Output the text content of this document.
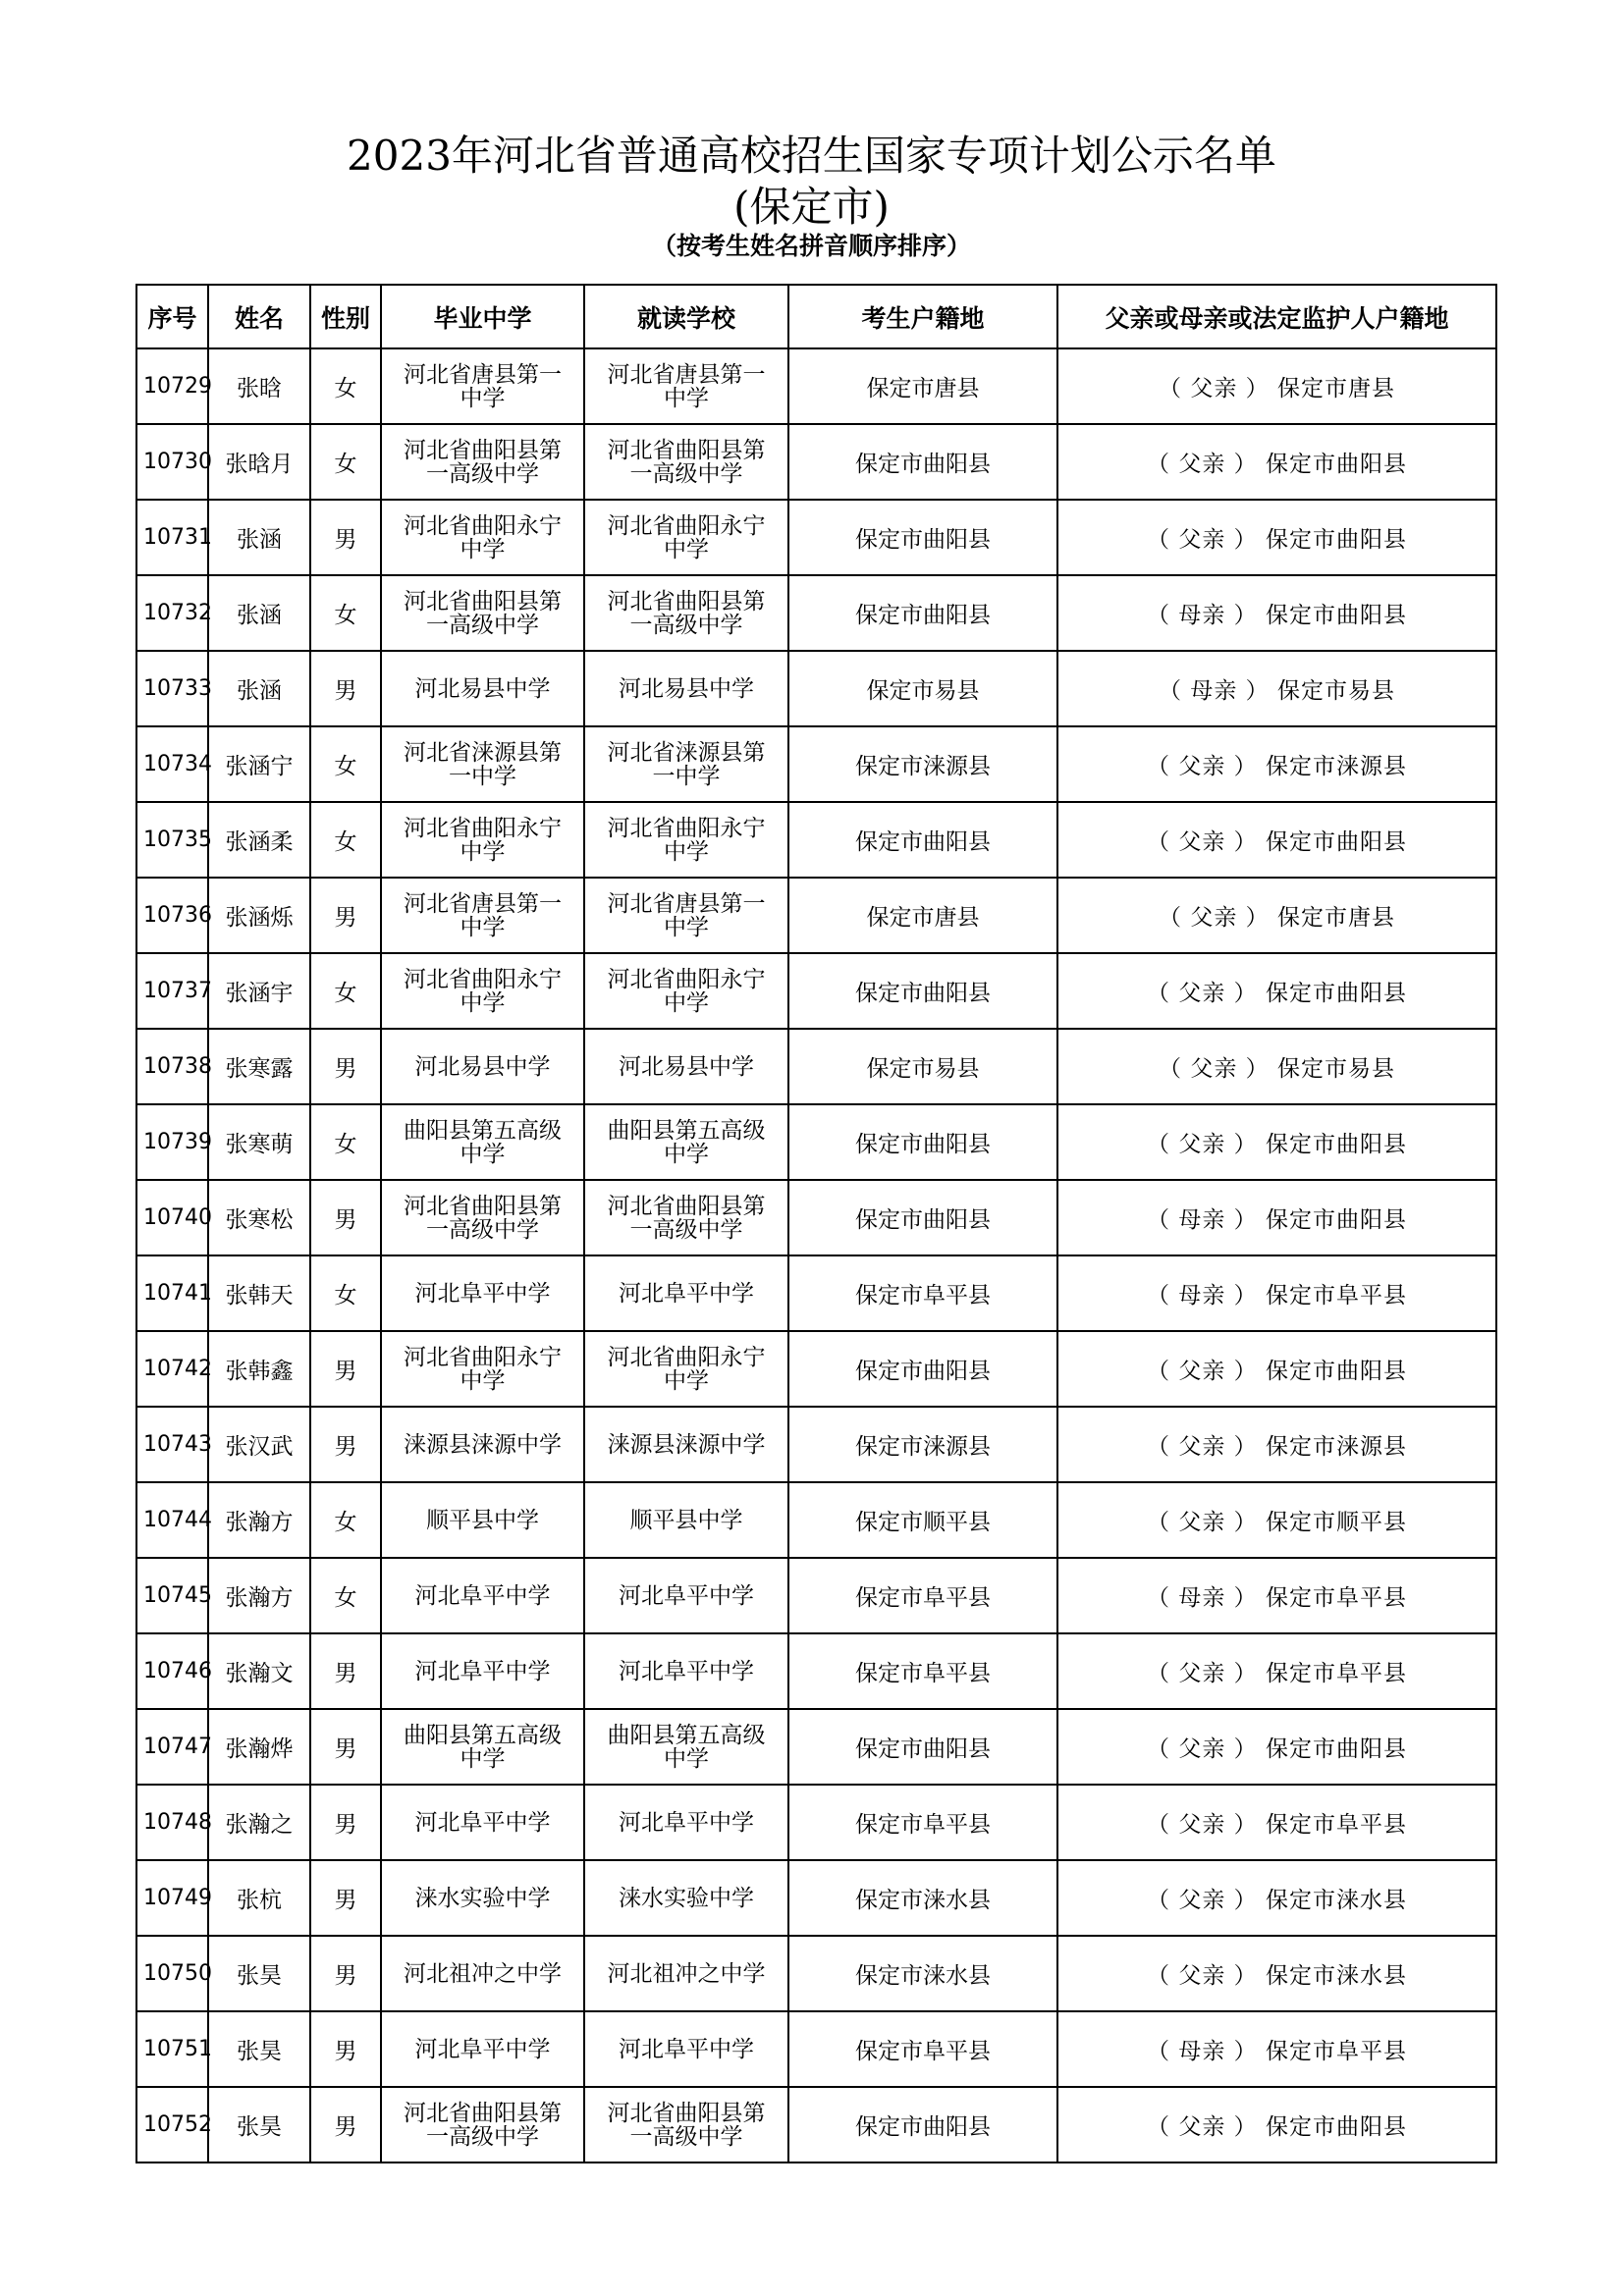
2023年河北省普通高校招生国家专项计划公示名单
(保定市)
（按考生姓名拼音顺序排序）
序号	姓名	性别	毕业中学	就读学校	考生户籍地	父亲或母亲或法定监护人户籍地
10729	张晗	女	河北省唐县第一
中学	河北省唐县第一
中学	保定市唐县	（ 父亲 ） 保定市唐县
10730	张晗月	女	河北省曲阳县第
一高级中学	河北省曲阳县第
一高级中学	保定市曲阳县	（ 父亲 ） 保定市曲阳县
10731	张涵	男	河北省曲阳永宁
中学	河北省曲阳永宁
中学	保定市曲阳县	（ 父亲 ） 保定市曲阳县
10732	张涵	女	河北省曲阳县第
一高级中学	河北省曲阳县第
一高级中学	保定市曲阳县	（ 母亲 ） 保定市曲阳县
10733	张涵	男	河北易县中学	河北易县中学	保定市易县	（ 母亲 ） 保定市易县
10734	张涵宁	女	河北省涞源县第
一中学	河北省涞源县第
一中学	保定市涞源县	（ 父亲 ） 保定市涞源县
10735	张涵柔	女	河北省曲阳永宁
中学	河北省曲阳永宁
中学	保定市曲阳县	（ 父亲 ） 保定市曲阳县
10736	张涵烁	男	河北省唐县第一
中学	河北省唐县第一
中学	保定市唐县	（ 父亲 ） 保定市唐县
10737	张涵宇	女	河北省曲阳永宁
中学	河北省曲阳永宁
中学	保定市曲阳县	（ 父亲 ） 保定市曲阳县
10738	张寒露	男	河北易县中学	河北易县中学	保定市易县	（ 父亲 ） 保定市易县
10739	张寒萌	女	曲阳县第五高级
中学	曲阳县第五高级
中学	保定市曲阳县	（ 父亲 ） 保定市曲阳县
10740	张寒松	男	河北省曲阳县第
一高级中学	河北省曲阳县第
一高级中学	保定市曲阳县	（ 母亲 ） 保定市曲阳县
10741	张韩天	女	河北阜平中学	河北阜平中学	保定市阜平县	（ 母亲 ） 保定市阜平县
10742	张韩鑫	男	河北省曲阳永宁
中学	河北省曲阳永宁
中学	保定市曲阳县	（ 父亲 ） 保定市曲阳县
10743	张汉武	男	涞源县涞源中学	涞源县涞源中学	保定市涞源县	（ 父亲 ） 保定市涞源县
10744	张瀚方	女	顺平县中学	顺平县中学	保定市顺平县	（ 父亲 ） 保定市顺平县
10745	张瀚方	女	河北阜平中学	河北阜平中学	保定市阜平县	（ 母亲 ） 保定市阜平县
10746	张瀚文	男	河北阜平中学	河北阜平中学	保定市阜平县	（ 父亲 ） 保定市阜平县
10747	张瀚烨	男	曲阳县第五高级
中学	曲阳县第五高级
中学	保定市曲阳县	（ 父亲 ） 保定市曲阳县
10748	张瀚之	男	河北阜平中学	河北阜平中学	保定市阜平县	（ 父亲 ） 保定市阜平县
10749	张杭	男	涞水实验中学	涞水实验中学	保定市涞水县	（ 父亲 ） 保定市涞水县
10750	张昊	男	河北祖冲之中学	河北祖冲之中学	保定市涞水县	（ 父亲 ） 保定市涞水县
10751	张昊	男	河北阜平中学	河北阜平中学	保定市阜平县	（ 母亲 ） 保定市阜平县
10752	张昊	男	河北省曲阳县第
一高级中学	河北省曲阳县第
一高级中学	保定市曲阳县	（ 父亲 ） 保定市曲阳县
